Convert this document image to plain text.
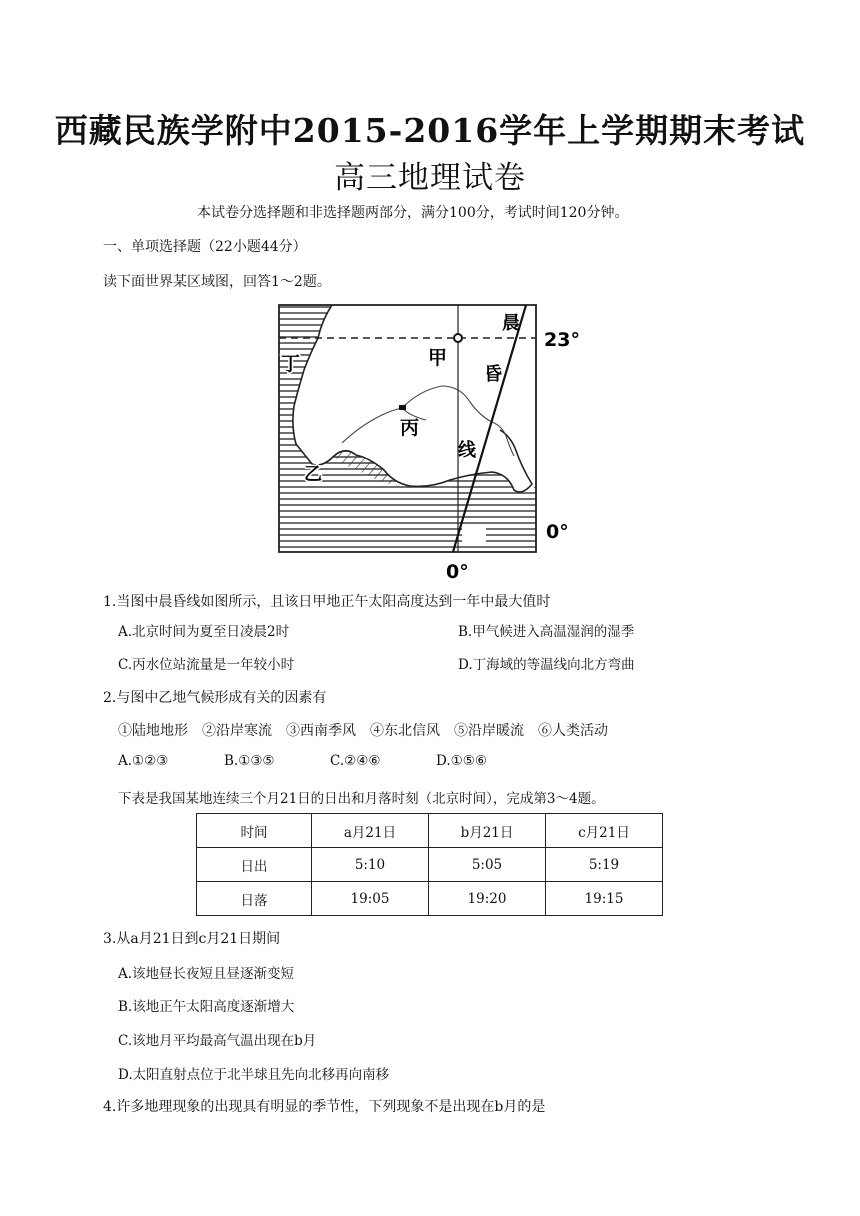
西藏民族学附中2015-2016学年上学期期末考试
高三地理试卷
本试卷分选择题和非选择题两部分，满分100分，考试时间120分钟。
一、单项选择题（22小题44分）
读下面世界某区域图，回答1～2题。
晨
23°
甲
昏
丁
丙
线
乙
0°
0°
1.当图中晨昏线如图所示，且该日甲地正午太阳高度达到一年中最大值时
A.北京时间为夏至日凌晨2时	B.甲气候进入高温湿润的湿季
C.丙水位站流量是一年较小时	D.丁海域的等温线向北方弯曲
2.与图中乙地气候形成有关的因素有
①陆地地形　②沿岸寒流　③西南季风　④东北信风　⑤沿岸暖流　⑥人类活动
A.①②③	B.①③⑤	C.②④⑥	D.①⑤⑥
下表是我国某地连续三个月21日的日出和月落时刻（北京时间），完成第3～4题。
时间	a月21日	b月21日	c月21日
日出	5:10	5:05	5:19
日落	19:05	19:20	19:15
3.从a月21日到c月21日期间
A.该地昼长夜短且昼逐渐变短
B.该地正午太阳高度逐渐增大
C.该地月平均最高气温出现在b月
D.太阳直射点位于北半球且先向北移再向南移
4.许多地理现象的出现具有明显的季节性，下列现象不是出现在b月的是
